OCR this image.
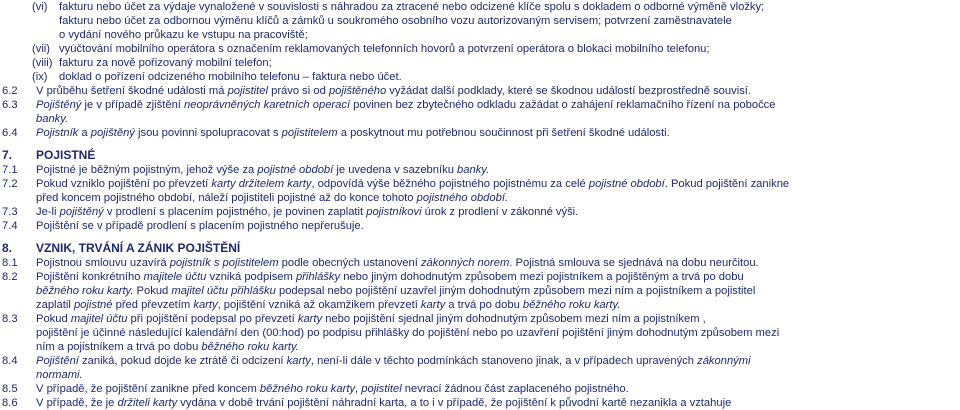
(vi) fakturu nebo účet za výdaje vynaložené v souvislosti s náhradou za ztracené nebo odcizené klíče spolu s dokladem o odborné výměně vložky;
fakturu nebo účet za odbornou výměnu klíčů a zámků u soukromého osobního vozu autorizovaným servisem; potvrzení zaměstnavatele
o vydání nového průkazu ke vstupu na pracoviště;
(vii) vyúčtování mobilního operátora s označením reklamovaných telefonních hovorů a potvrzení operátora o blokaci mobilního telefonu;
(viii) fakturu za nově pořizovaný mobilní telefon;
(ix) doklad o pořízení odcizeného mobilního telefonu – faktura nebo účet.
6.2 V průběhu šetření škodné události má pojistitel právo si od pojištěného vyžádat další podklady, které se škodnou událostí bezprostředně souvisí.
6.3 Pojištěný je v případě zjištění neoprávněných karetních operací povinen bez zbytečného odkladu zažádat o zahájení reklamačního řízení na pobočce
banky.
6.4 Pojistník a pojištěný jsou povinni spolupracovat s pojistitelem a poskytnout mu potřebnou součinnost při šetření škodné události.
7. POJISTNÉ
7.1 Pojistné je běžným pojistným, jehož výše za pojistné období je uvedena v sazebníku banky.
7.2 Pokud vzniklo pojištění po převzetí karty držitelem karty, odpovídá výše běžného pojistného pojistnému za celé pojistné období. Pokud pojištění zanikne
před koncem pojistného období, náleží pojistiteli pojistné až do konce tohoto pojistného období.
7.3 Je-li pojištěný v prodlení s placením pojistného, je povinen zaplatit pojistníkovi úrok z prodlení v zákonné výši.
7.4 Pojištění se v případě prodlení s placením pojistného nepřerušuje.
8. VZNIK, TRVÁNÍ A ZÁNIK POJIŠTĚNÍ
8.1 Pojistnou smlouvu uzavírá pojistník s pojistitelem podle obecných ustanovení zákonných norem. Pojistná smlouva se sjednává na dobu neurčitou.
8.2 Pojištění konkrétního majitele účtu vzniká podpisem přihlášky nebo jiným dohodnutým způsobem mezi pojistníkem a pojištěným a trvá po dobu
běžného roku karty. Pokud majitel účtu přihlášku podepsal nebo pojištění uzavřel jiným dohodnutým způsobem mezi ním a pojistníkem a pojistitel
zaplatil pojistné před převzetím karty, pojištění vzniká až okamžikem převzetí karty a trvá po dobu běžného roku karty.
8.3 Pokud majitel účtu při pojištění podepsal po převzetí karty nebo pojištění sjednal jiným dohodnutým způsobem mezi ním a pojistníkem ,
pojištění je účinné následující kalendářní den (00:hod) po podpisu přihlášky do pojištění nebo po uzavření pojištění jiným dohodnutým způsobem mezi
ním a pojistníkem a trvá po dobu běžného roku karty.
8.4 Pojištění zaniká, pokud dojde ke ztrátě či odcizení karty, není-li dále v těchto podmínkách stanoveno jinak, a v případech upravených zákonnými
normami.
8.5 V případě, že pojištění zanikne před koncem běžného roku karty, pojistitel nevrací žádnou část zaplaceného pojistného.
8.6 V případě, že je držiteli karty vydána v době trvání pojištění náhradní karta, a to i v případě, že pojištění k původní kartě nezanikla a vztahuje
